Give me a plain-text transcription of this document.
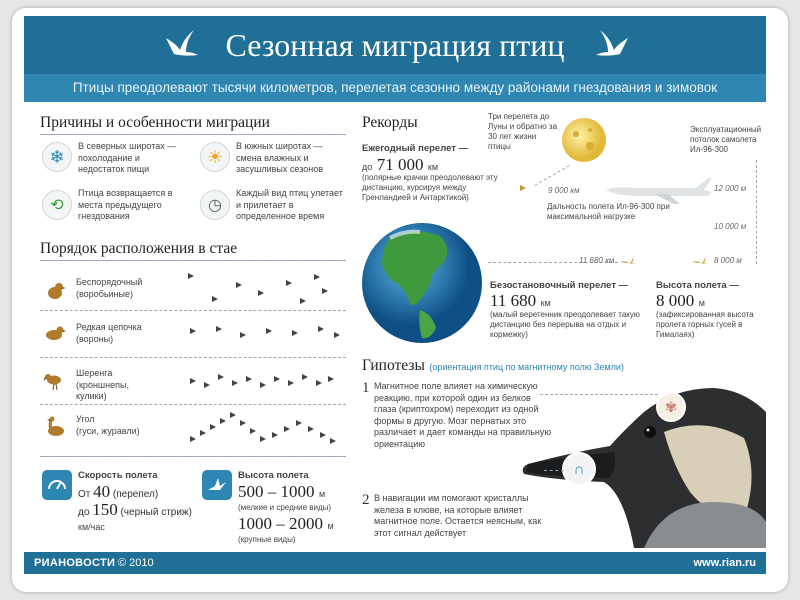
Сезонная миграция птиц
Птицы преодолевают тысячи километров, перелетая сезонно между районами гнездования и зимовок
Причины и особенности миграции
❄
В северных широтах — похолодание и недостаток пищи
☀
В южных широтах — смена влажных и засушливых сезонов
⟲
Птица возвращается в места предыдущего гнездования
◷
Каждый вид птиц улетает и прилетает в определенное время
Порядок расположения в стае
Беспорядочный
(воробьиные)
Редкая цепочка
(вороны)
Шеренга
(кроншнепы, кулики)
Угол
(гуси, журавли)
Скорость полета
От 40 (перепел)
до 150 (черный стриж)
км/час
Высота полета
500 – 1000 м
(мелкие и средние виды)
1000 – 2000 м
(крупные виды)
Рекорды	Три перелета до Луны и обратно за 30 лет жизни птицы
Ежегодный перелет —
до 71 000 км
(полярные крачки преодолевают эту дистанцию, курсируя между Гренландией и Антарктикой)
9 000 км
Дальность полета Ил-96-300 при максимальной нагрузке
Эксплуатационный потолок самолета Ил-96-300
12 000 м
10 000 м
8 000 м
11 680 км
Безостановочный перелет —
11 680 км
(малый веретенник преодолевает такую дистанцию без перерыва на отдых и кормежку)
Высота полета —
8 000 м
(зафиксированная высота пролета горных гусей в Гималаях)
Гипотезы (ориентация птиц по магнитному полю Земли)
1 Магнитное поле влияет на химическую реакцию, при которой один из белков глаза (криптохром) переходит из одной формы в другую. Мозг пернатых это различает и дает команды на правильную ориентацию
2 В навигации им помогают кристаллы железа в клюве, на которые влияет магнитное поле. Остается неясным, как этот сигнал действует
✾
∩
РИАНОВОСТИ © 2010	www.rian.ru
